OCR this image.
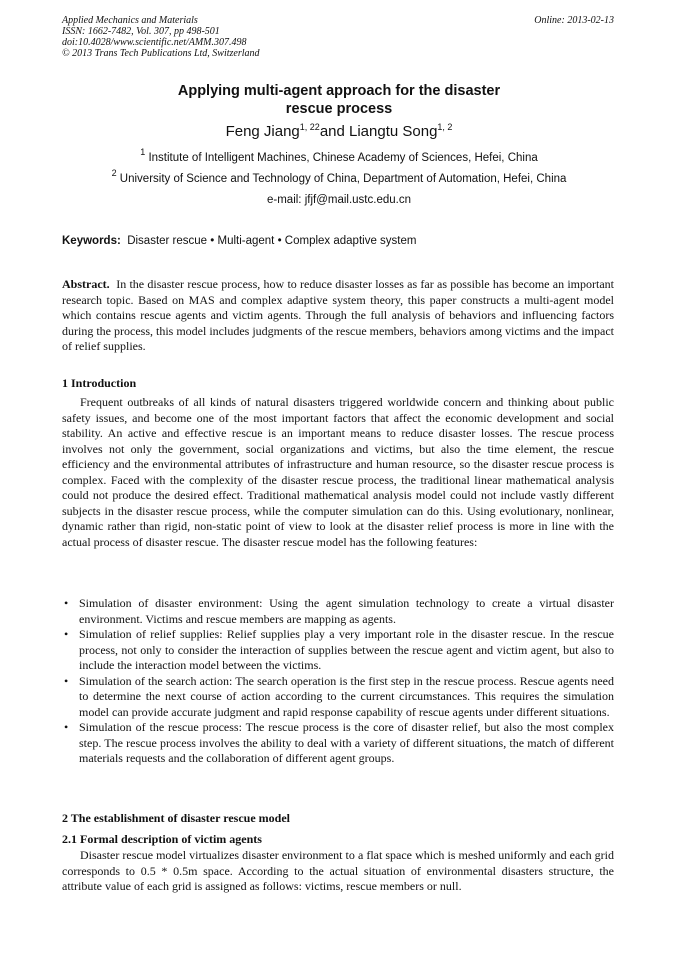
Applied Mechanics and Materials
ISSN: 1662-7482, Vol. 307, pp 498-501
doi:10.4028/www.scientific.net/AMM.307.498
© 2013 Trans Tech Publications Ltd, Switzerland
Online: 2013-02-13
Applying multi-agent approach for the disaster
rescue process
Feng Jiang$^{1, 22}$and Liangtu Song$^{1, 2}$
$^1$ Institute of Intelligent Machines, Chinese Academy of Sciences, Hefei, China
$^2$ University of Science and Technology of China, Department of Automation, Hefei, China
e-mail: jfjf@mail.ustc.edu.cn
Keywords: Disaster rescue • Multi-agent • Complex adaptive system

Abstract. In the disaster rescue process, how to reduce disaster losses as far as possible has become an important research topic. Based on MAS and complex adaptive system theory, this paper constructs a multi-agent model which contains rescue agents and victim agents. Through the full analysis of behaviors and influencing factors during the process, this model includes judgments of the rescue members, behaviors among victims and the impact of relief supplies.

1 Introduction

Frequent outbreaks of all kinds of natural disasters triggered worldwide concern and thinking about public safety issues, and become one of the most important factors that affect the economic development and social stability. An active and effective rescue is an important means to reduce disaster losses. The rescue process involves not only the government, social organizations and victims, but also the time element, the rescue efficiency and the environmental attributes of infrastructure and human resource, so the disaster rescue process is complex. Faced with the complexity of the disaster rescue process, the traditional linear mathematical analysis could not produce the desired effect. Traditional mathematical analysis model could not include vastly different subjects in the disaster rescue process, while the computer simulation can do this. Using evolutionary, nonlinear, dynamic rather than rigid, non-static point of view to look at the disaster relief process is more in line with the actual process of disaster rescue. The disaster rescue model has the following features:

• Simulation of disaster environment: Using the agent simulation technology to create a virtual disaster environment. Victims and rescue members are mapping as agents.
• Simulation of relief supplies: Relief supplies play a very important role in the disaster rescue. In the rescue process, not only to consider the interaction of supplies between the rescue agent and victim agent, but also to include the interaction model between the victims.
• Simulation of the search action: The search operation is the first step in the rescue process. Rescue agents need to determine the next course of action according to the current circumstances. This requires the simulation model can provide accurate judgment and rapid response capability of rescue agents under different situations.
• Simulation of the rescue process: The rescue process is the core of disaster relief, but also the most complex step. The rescue process involves the ability to deal with a variety of different situations, the match of different materials requests and the collaboration of different agent groups.
2 The establishment of disaster rescue model
2.1 Formal description of victim agents

Disaster rescue model virtualizes disaster environment to a flat space which is meshed uniformly and each grid corresponds to 0.5 * 0.5m space. According to the actual situation of environmental disasters structure, the attribute value of each grid is assigned as follows: victims, rescue members or null.
